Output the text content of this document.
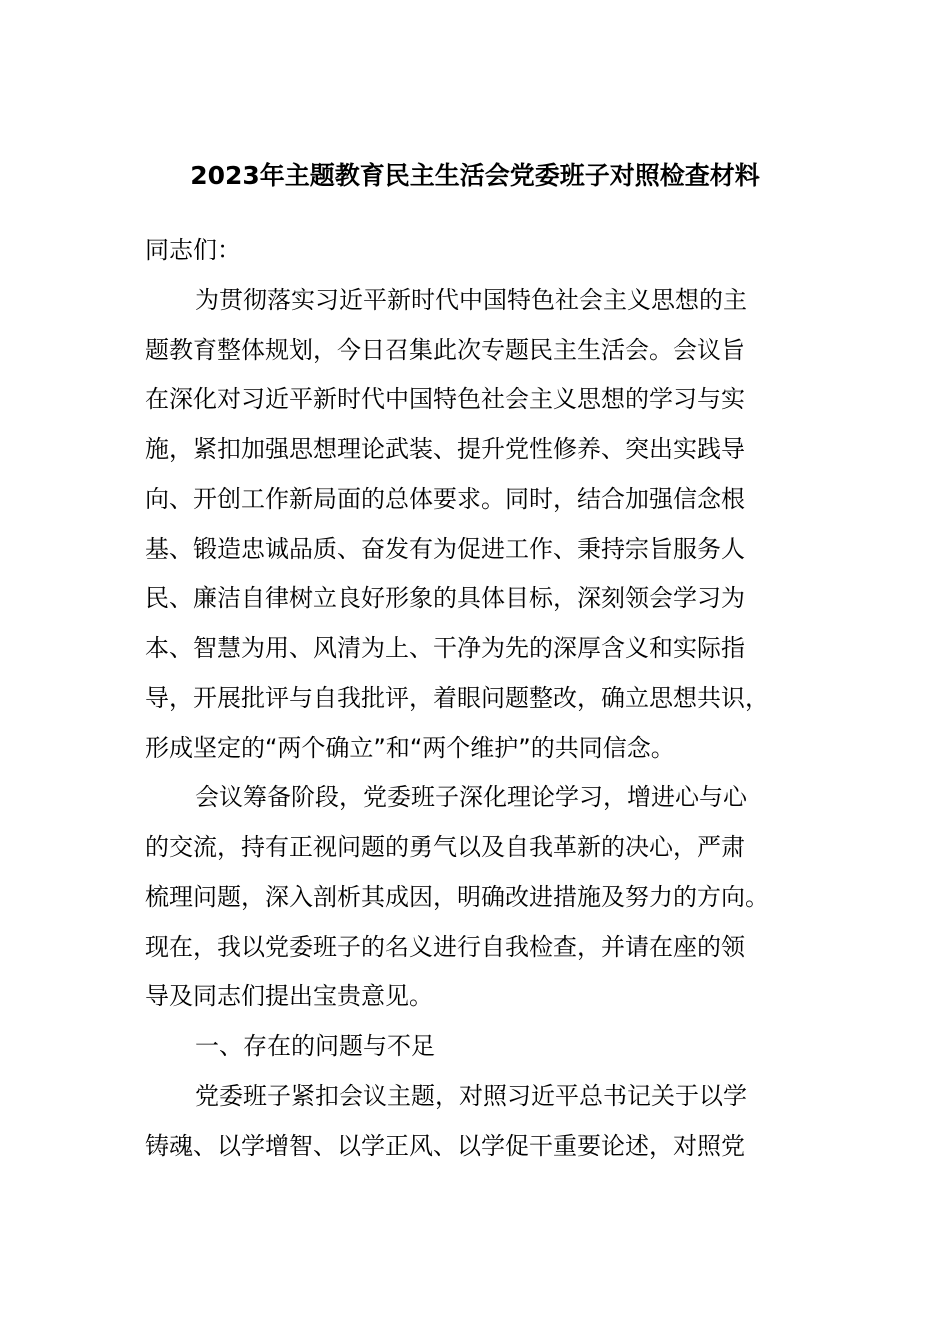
2023年主题教育民主生活会党委班子对照检查材料
同志们：
为贯彻落实习近平新时代中国特色社会主义思想的主
题教育整体规划，今日召集此次专题民主生活会。会议旨
在深化对习近平新时代中国特色社会主义思想的学习与实
施，紧扣加强思想理论武装、提升党性修养、突出实践导
向、开创工作新局面的总体要求。同时，结合加强信念根
基、锻造忠诚品质、奋发有为促进工作、秉持宗旨服务人
民、廉洁自律树立良好形象的具体目标，深刻领会学习为
本、智慧为用、风清为上、干净为先的深厚含义和实际指
导，开展批评与自我批评，着眼问题整改，确立思想共识，
形成坚定的“两个确立”和“两个维护”的共同信念。
会议筹备阶段，党委班子深化理论学习，增进心与心
的交流，持有正视问题的勇气以及自我革新的决心，严肃
梳理问题，深入剖析其成因，明确改进措施及努力的方向。
现在，我以党委班子的名义进行自我检查，并请在座的领
导及同志们提出宝贵意见。
一、存在的问题与不足
党委班子紧扣会议主题，对照习近平总书记关于以学
铸魂、以学增智、以学正风、以学促干重要论述，对照党
